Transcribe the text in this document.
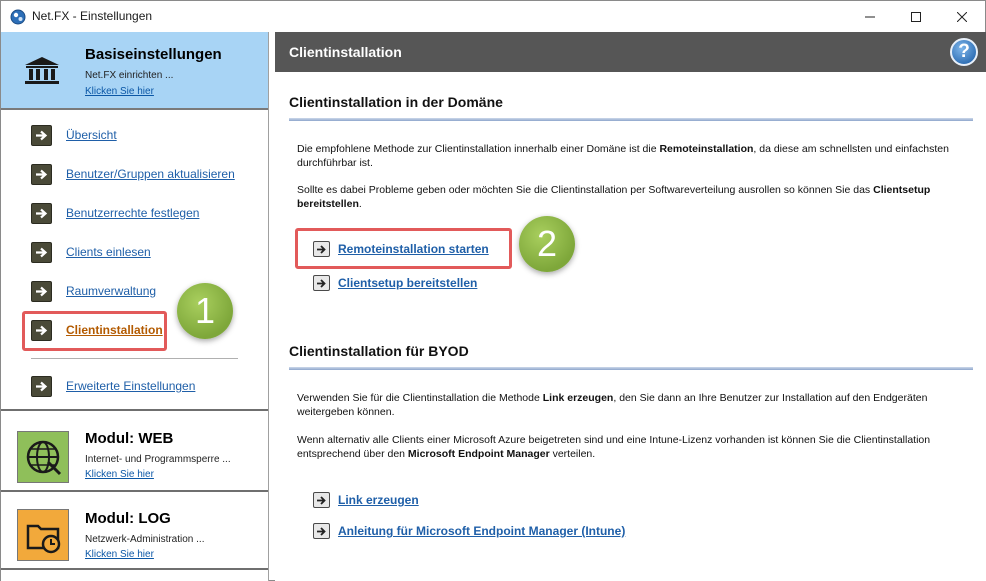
Net.FX - Einstellungen
Basiseinstellungen
Net.FX einrichten ...
Klicken Sie hier
Übersicht
Benutzer/Gruppen aktualisieren
Benutzerrechte festlegen
Clients einlesen
Raumverwaltung
Clientinstallation
Erweiterte Einstellungen
Modul: WEB
Internet- und Programmsperre ...
Klicken Sie hier
Modul: LOG
Netzwerk-Administration ...
Klicken Sie hier
Clientinstallation	?
Clientinstallation in der Domäne
Die empfohlene Methode zur Clientinstallation innerhalb einer Domäne ist die Remoteinstallation, da diese am schnellsten und einfachsten durchführbar ist.
Sollte es dabei Probleme geben oder möchten Sie die Clientinstallation per Softwareverteilung ausrollen so können Sie das Clientsetup bereitstellen.
Remoteinstallation starten
Clientsetup bereitstellen
Clientinstallation für BYOD
Verwenden Sie für die Clientinstallation die Methode Link erzeugen, den Sie dann an Ihre Benutzer zur Installation auf den Endgeräten weitergeben können.
Wenn alternativ alle Clients einer Microsoft Azure beigetreten sind und eine Intune-Lizenz vorhanden ist können Sie die Clientinstallation entsprechend über den Microsoft Endpoint Manager verteilen.
Link erzeugen
Anleitung für Microsoft Endpoint Manager (Intune)
1
2
